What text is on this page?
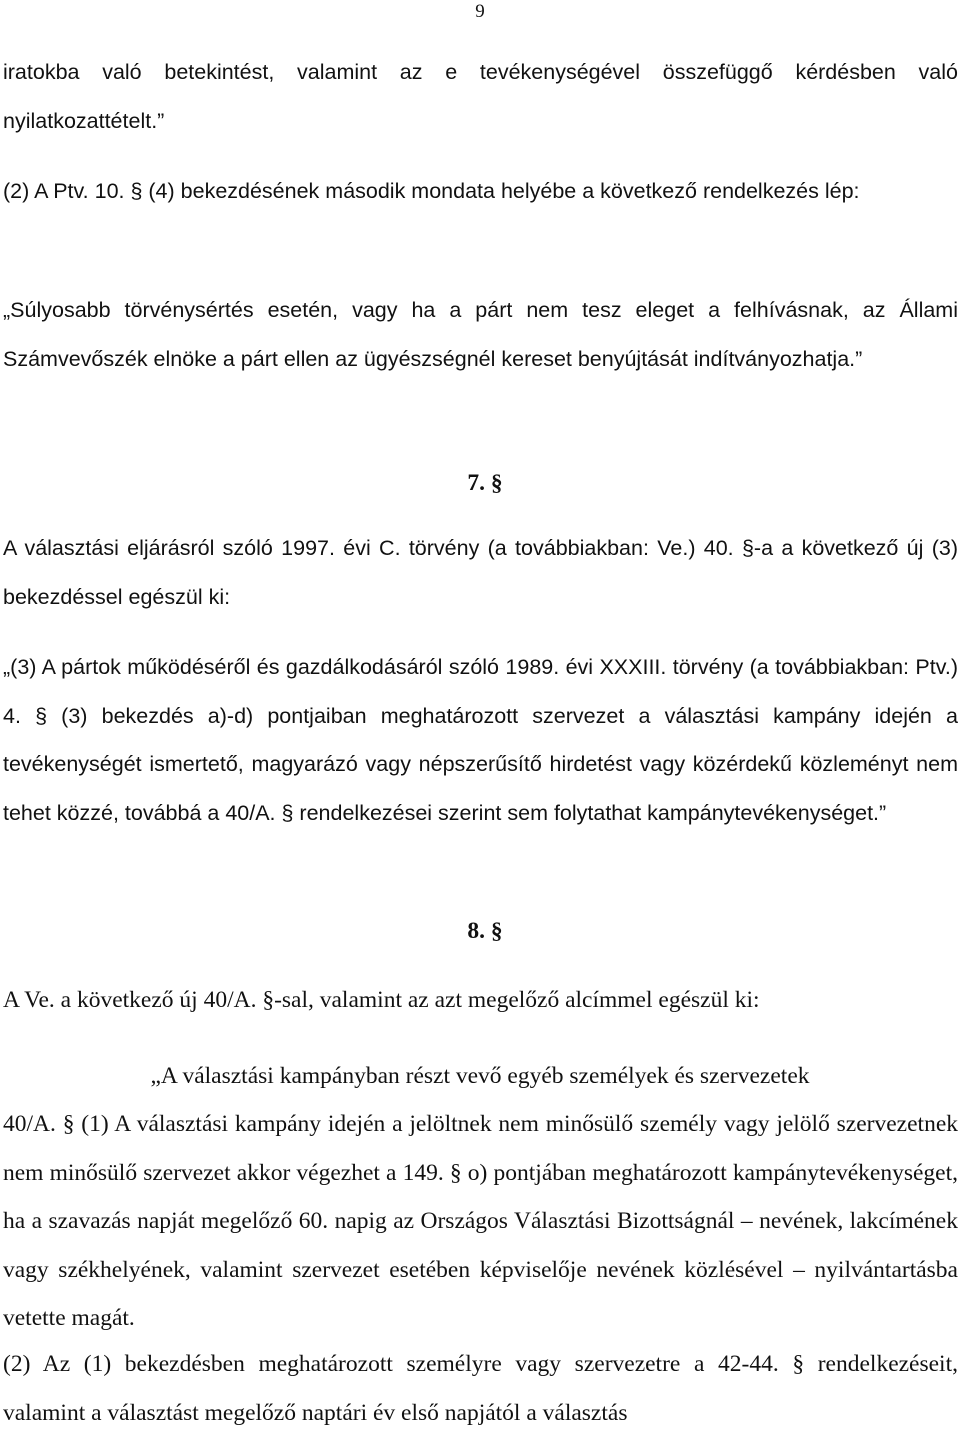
9

iratokba való betekintést, valamint az e tevékenységével összefüggő kérdésben való nyilatkozattételt.”

(2) A Ptv. 10. § (4) bekezdésének második mondata helyébe a következő rendelkezés lép:

„Súlyosabb törvénysértés esetén, vagy ha a párt nem tesz eleget a felhívásnak, az Állami Számvevőszék elnöke a párt ellen az ügyészségnél kereset benyújtását indítványozhatja.”

7. §

A választási eljárásról szóló 1997. évi C. törvény (a továbbiakban: Ve.) 40. §-a a következő új (3) bekezdéssel egészül ki:

„(3) A pártok működéséről és gazdálkodásáról szóló 1989. évi XXXIII. törvény (a továbbiakban: Ptv.) 4. § (3) bekezdés a)-d) pontjaiban meghatározott szervezet a választási kampány idején a tevékenységét ismertető, magyarázó vagy népszerűsítő hirdetést vagy közérdekű közleményt nem tehet közzé, továbbá a 40/A. § rendelkezései szerint sem folytathat kampánytevékenységet.”

8. §

A Ve. a következő új 40/A. §-sal, valamint az azt megelőző alcímmel egészül ki:

„A választási kampányban részt vevő egyéb személyek és szervezetek

40/A. § (1) A választási kampány idején a jelöltnek nem minősülő személy vagy jelölő szervezetnek nem minősülő szervezet akkor végezhet a 149. § o) pontjában meghatározott kampánytevékenységet, ha a szavazás napját megelőző 60. napig az Országos Választási Bizottságnál – nevének, lakcímének vagy székhelyének, valamint szervezet esetében képviselője nevének közlésével – nyilvántartásba vetette magát.

(2) Az (1) bekezdésben meghatározott személyre vagy szervezetre a 42-44. § rendelkezéseit, valamint a választást megelőző naptári év első napjától a választás
